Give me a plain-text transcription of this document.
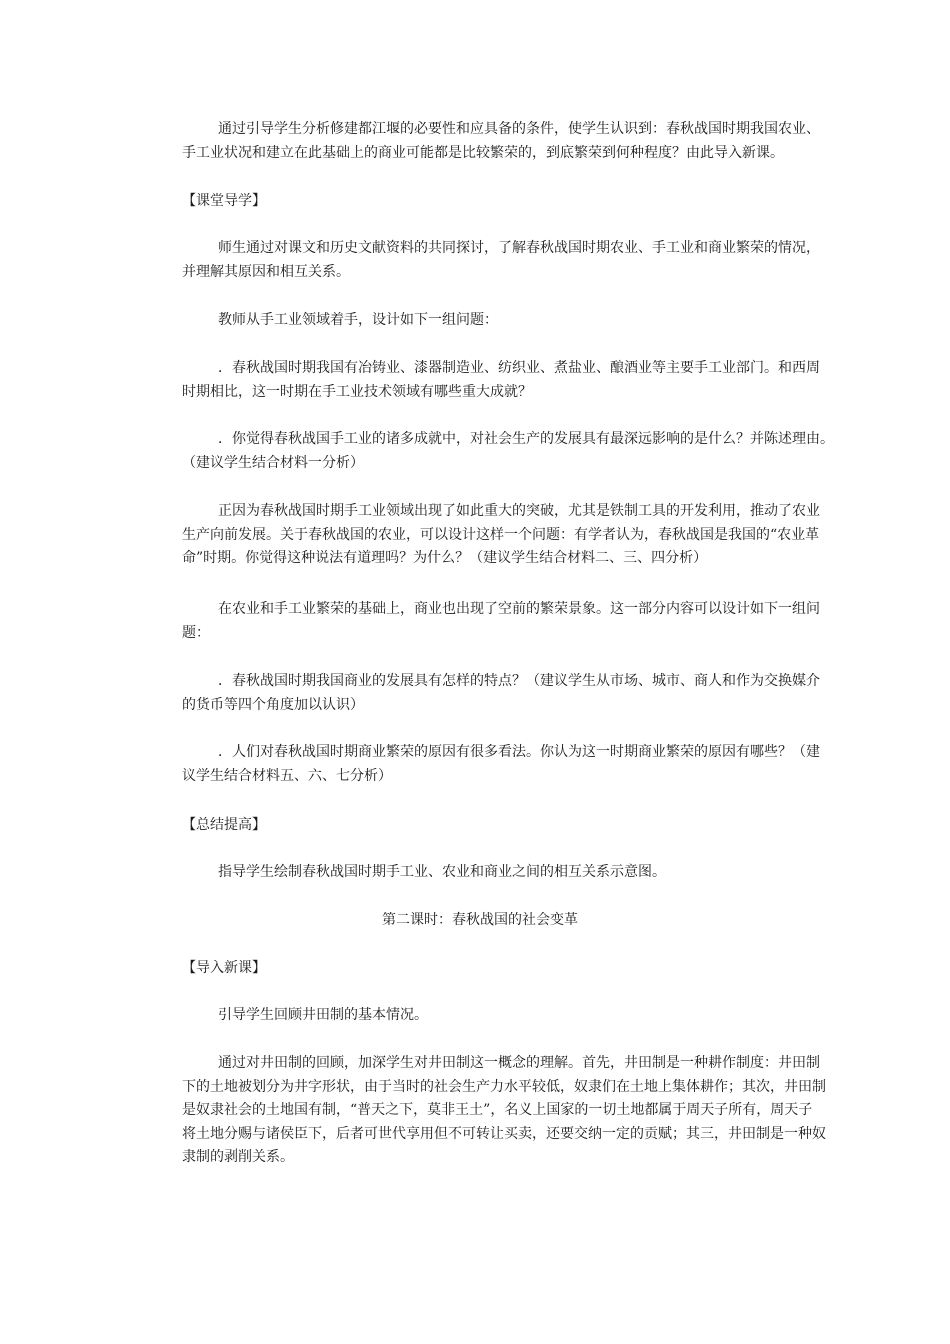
通过引导学生分析修建都江堰的必要性和应具备的条件，使学生认识到：春秋战国时期我国农业、
手工业状况和建立在此基础上的商业可能都是比较繁荣的，到底繁荣到何种程度？由此导入新课。
【课堂导学】
师生通过对课文和历史文献资料的共同探讨，了解春秋战国时期农业、手工业和商业繁荣的情况，
并理解其原因和相互关系。
教师从手工业领域着手，设计如下一组问题：
．春秋战国时期我国有冶铸业、漆器制造业、纺织业、煮盐业、酿酒业等主要手工业部门。和西周
时期相比，这一时期在手工业技术领域有哪些重大成就？
．你觉得春秋战国手工业的诸多成就中，对社会生产的发展具有最深远影响的是什么？并陈述理由。
（建议学生结合材料一分析）
正因为春秋战国时期手工业领域出现了如此重大的突破，尤其是铁制工具的开发利用，推动了农业
生产向前发展。关于春秋战国的农业，可以设计这样一个问题：有学者认为，春秋战国是我国的“农业革
命”时期。你觉得这种说法有道理吗？为什么？（建议学生结合材料二、三、四分析）
在农业和手工业繁荣的基础上，商业也出现了空前的繁荣景象。这一部分内容可以设计如下一组问
题：
．春秋战国时期我国商业的发展具有怎样的特点？（建议学生从市场、城市、商人和作为交换媒介
的货币等四个角度加以认识）
．人们对春秋战国时期商业繁荣的原因有很多看法。你认为这一时期商业繁荣的原因有哪些？（建
议学生结合材料五、六、七分析）
【总结提高】
指导学生绘制春秋战国时期手工业、农业和商业之间的相互关系示意图。
第二课时：春秋战国的社会变革
【导入新课】
引导学生回顾井田制的基本情况。
通过对井田制的回顾，加深学生对井田制这一概念的理解。首先，井田制是一种耕作制度：井田制
下的土地被划分为井字形状，由于当时的社会生产力水平较低，奴隶们在土地上集体耕作；其次，井田制
是奴隶社会的土地国有制，“普天之下，莫非王土”，名义上国家的一切土地都属于周天子所有，周天子
将土地分赐与诸侯臣下，后者可世代享用但不可转让买卖，还要交纳一定的贡赋；其三，井田制是一种奴
隶制的剥削关系。
